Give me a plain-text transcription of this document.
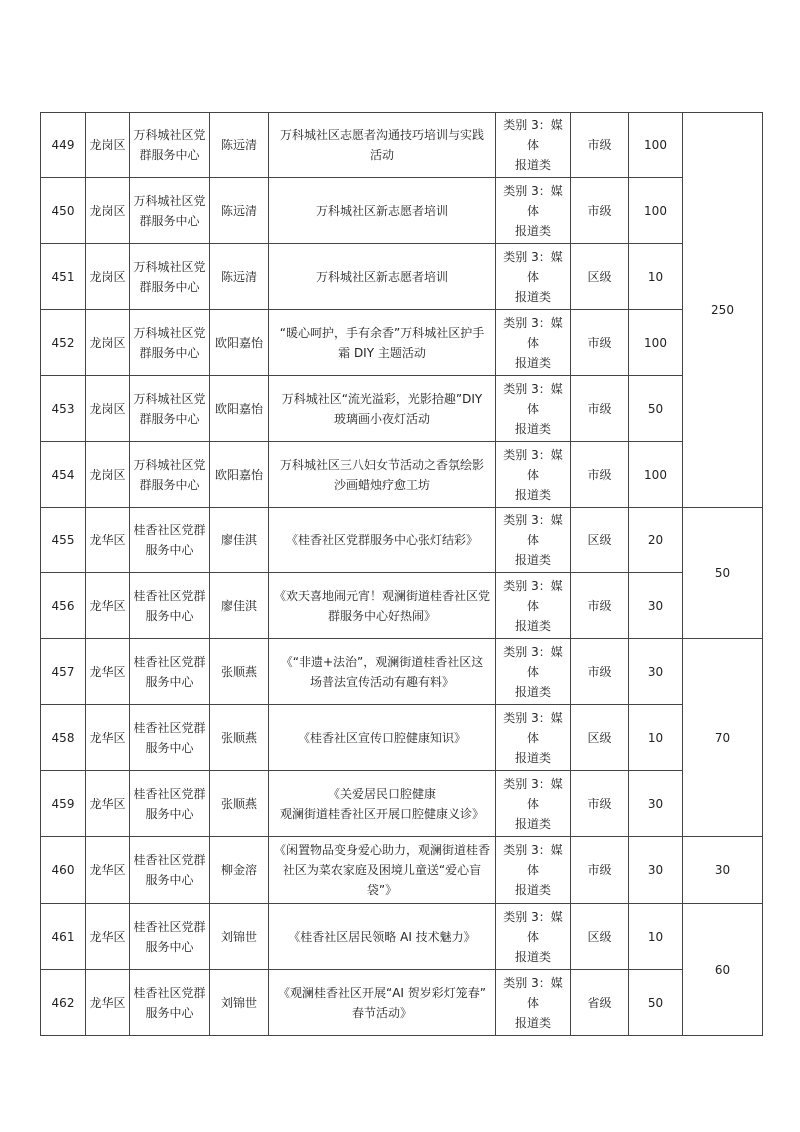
449	龙岗区	万科城社区党
群服务中心	陈远清	万科城社区志愿者沟通技巧培训与实践
活动	类别 3：媒体
报道类	市级	100	250
450	龙岗区	万科城社区党
群服务中心	陈远清	万科城社区新志愿者培训	类别 3：媒体
报道类	市级	100	
451	龙岗区	万科城社区党
群服务中心	陈远清	万科城社区新志愿者培训	类别 3：媒体
报道类	区级	10	
452	龙岗区	万科城社区党
群服务中心	欧阳嘉怡	“暖心呵护，手有余香”万科城社区护手
霜 DIY 主题活动	类别 3：媒体
报道类	市级	100	
453	龙岗区	万科城社区党
群服务中心	欧阳嘉怡	万科城社区“流光溢彩，光影拾趣”DIY
玻璃画小夜灯活动	类别 3：媒体
报道类	市级	50	
454	龙岗区	万科城社区党
群服务中心	欧阳嘉怡	万科城社区三八妇女节活动之香氛绘影
沙画蜡烛疗愈工坊	类别 3：媒体
报道类	市级	100	
455	龙华区	桂香社区党群
服务中心	廖佳淇	《桂香社区党群服务中心张灯结彩》	类别 3：媒体
报道类	区级	20	50
456	龙华区	桂香社区党群
服务中心	廖佳淇	《欢天喜地闹元宵！观澜街道桂香社区党
群服务中心好热闹》	类别 3：媒体
报道类	市级	30	
457	龙华区	桂香社区党群
服务中心	张顺燕	《“非遗+法治”，观澜街道桂香社区这
场普法宣传活动有趣有料》	类别 3：媒体
报道类	市级	30	70
458	龙华区	桂香社区党群
服务中心	张顺燕	《桂香社区宣传口腔健康知识》	类别 3：媒体
报道类	区级	10	
459	龙华区	桂香社区党群
服务中心	张顺燕	《关爱居民口腔健康
观澜街道桂香社区开展口腔健康义诊》	类别 3：媒体
报道类	市级	30	
460	龙华区	桂香社区党群
服务中心	柳金溶	《闲置物品变身爱心助力，观澜街道桂香
社区为菜农家庭及困境儿童送“爱心盲
袋”》	类别 3：媒体
报道类	市级	30	30
461	龙华区	桂香社区党群
服务中心	刘锦世	《桂香社区居民领略 AI 技术魅力》	类别 3：媒体
报道类	区级	10	60
462	龙华区	桂香社区党群
服务中心	刘锦世	《观澜桂香社区开展“AI 贺岁彩灯笼春”
春节活动》	类别 3：媒体
报道类	省级	50	
